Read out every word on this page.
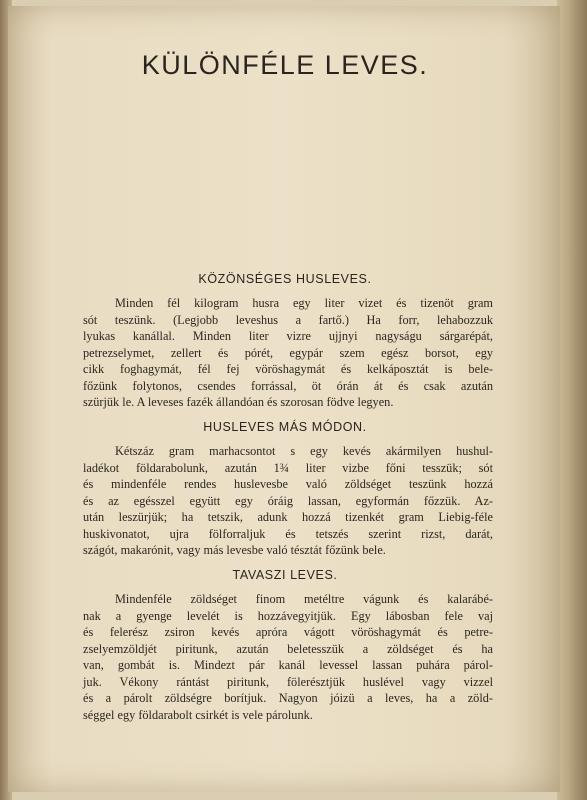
KÜLÖNFÉLE LEVES.
KÖZÖNSÉGES HUSLEVES.
Minden fél kilogram husra egy liter vizet és tizenöt gram
sót teszünk. (Legjobb leveshus a fartő.) Ha forr, lehabozzuk
lyukas kanállal. Minden liter vizre ujjnyi nagyságu sárgarépát,
petrezselymet, zellert és pórét, egypár szem egész borsot, egy
cikk foghagymát, fél fej vöröshagymát és kelkáposztát is bele-
főzünk folytonos, csendes forrással, öt órán át és csak azután
szürjük le. A leveses fazék állandóan és szorosan födve legyen.
HUSLEVES MÁS MÓDON.
Kétszáz gram marhacsontot s egy kevés akármilyen hushul-
ladékot földarabolunk, azután 1¾ liter vizbe főni tesszük; sót
és mindenféle rendes huslevesbe való zöldséget teszünk hozzá
és az egésszel együtt egy óráig lassan, egyformán főzzük. Az-
után leszürjük; ha tetszik, adunk hozzá tizenkét gram Liebig-féle
huskivonatot, ujra fölforraljuk és tetszés szerint rizst, darát,
szágót, makarónit, vagy más levesbe való tésztát főzünk bele.
TAVASZI LEVES.
Mindenféle zöldséget finom metéltre vágunk és kalarábé-
nak a gyenge levelét is hozzávegyitjük. Egy lábosban fele vaj
és felerész zsiron kevés apróra vágott vöröshagymát és petre-
zselyemzöldjét piritunk, azután beletesszük a zöldséget és ha
van, gombát is. Mindezt pár kanál levessel lassan puhára párol-
juk. Vékony rántást piritunk, fölerésztjük huslével vagy vizzel
és a párolt zöldségre borítjuk. Nagyon jóizü a leves, ha a zöld-
séggel egy földarabolt csirkét is vele párolunk.
